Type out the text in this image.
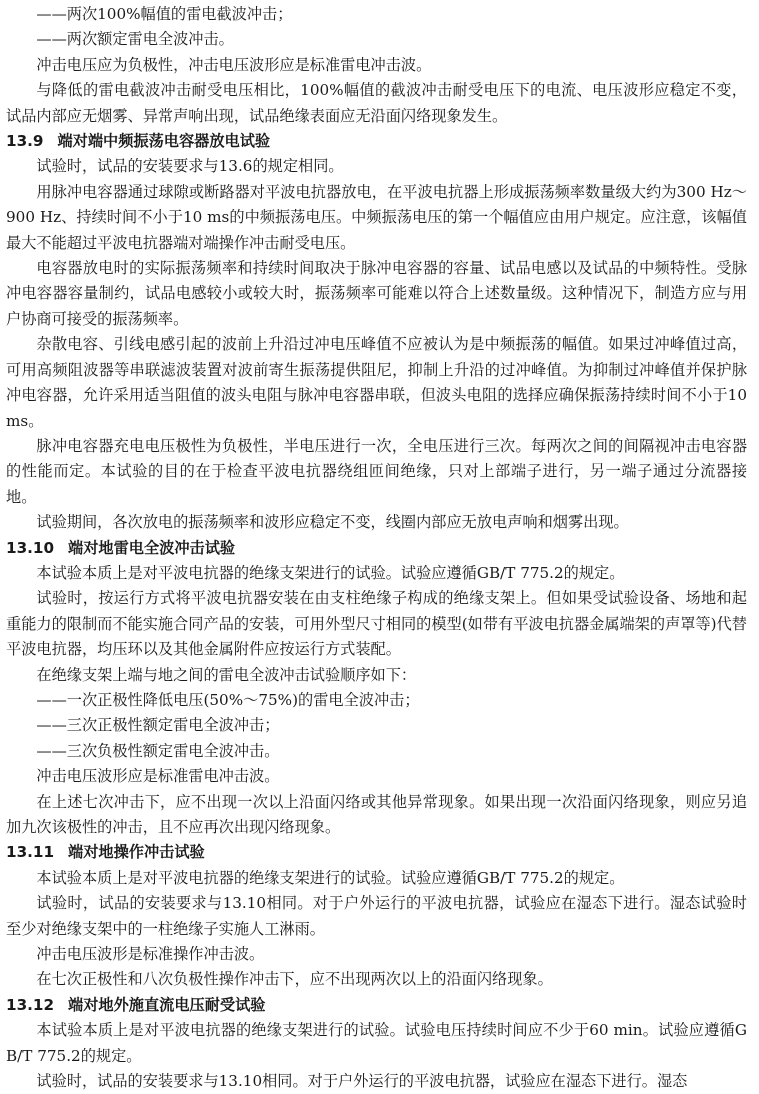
——两次100%幅值的雷电截波冲击；
——两次额定雷电全波冲击。
冲击电压应为负极性，冲击电压波形应是标准雷电冲击波。
与降低的雷电截波冲击耐受电压相比，100%幅值的截波冲击耐受电压下的电流、电压波形应稳定不变，试品内部应无烟雾、异常声响出现，试品绝缘表面应无沿面闪络现象发生。
13.9 端对端中频振荡电容器放电试验
试验时，试品的安装要求与13.6的规定相同。
用脉冲电容器通过球隙或断路器对平波电抗器放电，在平波电抗器上形成振荡频率数量级大约为300 Hz～900 Hz、持续时间不小于10 ms的中频振荡电压。中频振荡电压的第一个幅值应由用户规定。应注意，该幅值最大不能超过平波电抗器端对端操作冲击耐受电压。
电容器放电时的实际振荡频率和持续时间取决于脉冲电容器的容量、试品电感以及试品的中频特性。受脉冲电容器容量制约，试品电感较小或较大时，振荡频率可能难以符合上述数量级。这种情况下，制造方应与用户协商可接受的振荡频率。
杂散电容、引线电感引起的波前上升沿过冲电压峰值不应被认为是中频振荡的幅值。如果过冲峰值过高，可用高频阻波器等串联滤波装置对波前寄生振荡提供阻尼，抑制上升沿的过冲峰值。为抑制过冲峰值并保护脉冲电容器，允许采用适当阻值的波头电阻与脉冲电容器串联，但波头电阻的选择应确保振荡持续时间不小于10 ms。
脉冲电容器充电电压极性为负极性，半电压进行一次，全电压进行三次。每两次之间的间隔视冲击电容器的性能而定。本试验的目的在于检查平波电抗器绕组匝间绝缘，只对上部端子进行，另一端子通过分流器接地。
试验期间，各次放电的振荡频率和波形应稳定不变，线圈内部应无放电声响和烟雾出现。
13.10 端对地雷电全波冲击试验
本试验本质上是对平波电抗器的绝缘支架进行的试验。试验应遵循GB/T 775.2的规定。
试验时，按运行方式将平波电抗器安装在由支柱绝缘子构成的绝缘支架上。但如果受试验设备、场地和起重能力的限制而不能实施合同产品的安装，可用外型尺寸相同的模型(如带有平波电抗器金属端架的声罩等)代替平波电抗器，均压环以及其他金属附件应按运行方式装配。
在绝缘支架上端与地之间的雷电全波冲击试验顺序如下：
——一次正极性降低电压(50%～75%)的雷电全波冲击；
——三次正极性额定雷电全波冲击；
——三次负极性额定雷电全波冲击。
冲击电压波形应是标准雷电冲击波。
在上述七次冲击下，应不出现一次以上沿面闪络或其他异常现象。如果出现一次沿面闪络现象，则应另追加九次该极性的冲击，且不应再次出现闪络现象。
13.11 端对地操作冲击试验
本试验本质上是对平波电抗器的绝缘支架进行的试验。试验应遵循GB/T 775.2的规定。
试验时，试品的安装要求与13.10相同。对于户外运行的平波电抗器，试验应在湿态下进行。湿态试验时至少对绝缘支架中的一柱绝缘子实施人工淋雨。
冲击电压波形是标准操作冲击波。
在七次正极性和八次负极性操作冲击下，应不出现两次以上的沿面闪络现象。
13.12 端对地外施直流电压耐受试验
本试验本质上是对平波电抗器的绝缘支架进行的试验。试验电压持续时间应不少于60 min。试验应遵循GB/T 775.2的规定。
试验时，试品的安装要求与13.10相同。对于户外运行的平波电抗器，试验应在湿态下进行。湿态
